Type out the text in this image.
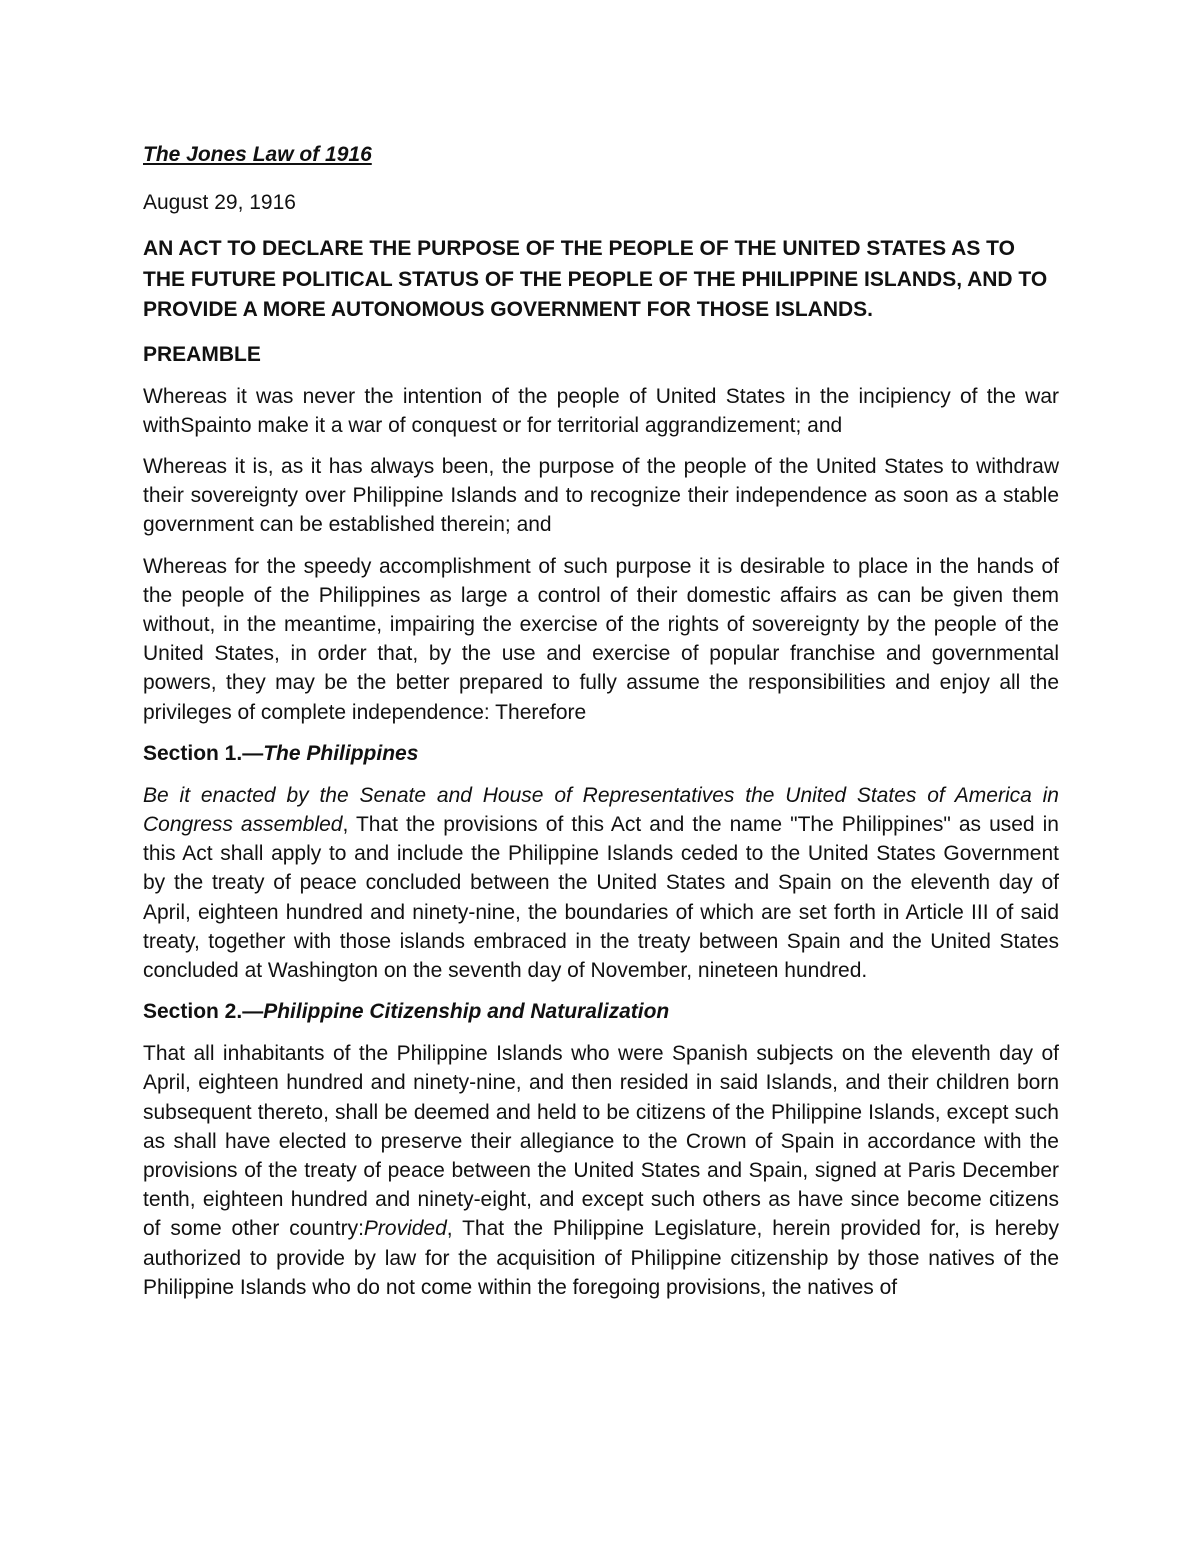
The Jones Law of 1916
August 29, 1916
AN ACT TO DECLARE THE PURPOSE OF THE PEOPLE OF THE UNITED STATES AS TO THE FUTURE POLITICAL STATUS OF THE PEOPLE OF THE PHILIPPINE ISLANDS, AND TO PROVIDE A MORE AUTONOMOUS GOVERNMENT FOR THOSE ISLANDS.
PREAMBLE

Whereas it was never the intention of the people of United States in the incipiency of the war withSpainto make it a war of conquest or for territorial aggrandizement; and

Whereas it is, as it has always been, the purpose of the people of the United States to withdraw their sovereignty over Philippine Islands and to recognize their independence as soon as a stable government can be established therein; and

Whereas for the speedy accomplishment of such purpose it is desirable to place in the hands of the people of the Philippines as large a control of their domestic affairs as can be given them without, in the meantime, impairing the exercise of the rights of sovereignty by the people of the United States, in order that, by the use and exercise of popular franchise and governmental powers, they may be the better prepared to fully assume the responsibilities and enjoy all the privileges of complete independence: Therefore

Section 1.—The Philippines

Be it enacted by the Senate and House of Representatives the United States of America in Congress assembled, That the provisions of this Act and the name "The Philippines" as used in this Act shall apply to and include the Philippine Islands ceded to the United States Government by the treaty of peace concluded between the United States and Spain on the eleventh day of April, eighteen hundred and ninety-nine, the boundaries of which are set forth in Article III of said treaty, together with those islands embraced in the treaty between Spain and the United States concluded at Washington on the seventh day of November, nineteen hundred.

Section 2.—Philippine Citizenship and Naturalization

That all inhabitants of the Philippine Islands who were Spanish subjects on the eleventh day of April, eighteen hundred and ninety-nine, and then resided in said Islands, and their children born subsequent thereto, shall be deemed and held to be citizens of the Philippine Islands, except such as shall have elected to preserve their allegiance to the Crown of Spain in accordance with the provisions of the treaty of peace between the United States and Spain, signed at Paris December tenth, eighteen hundred and ninety-eight, and except such others as have since become citizens of some other country:Provided, That the Philippine Legislature, herein provided for, is hereby authorized to provide by law for the acquisition of Philippine citizenship by those natives of the Philippine Islands who do not come within the foregoing provisions, the natives of
